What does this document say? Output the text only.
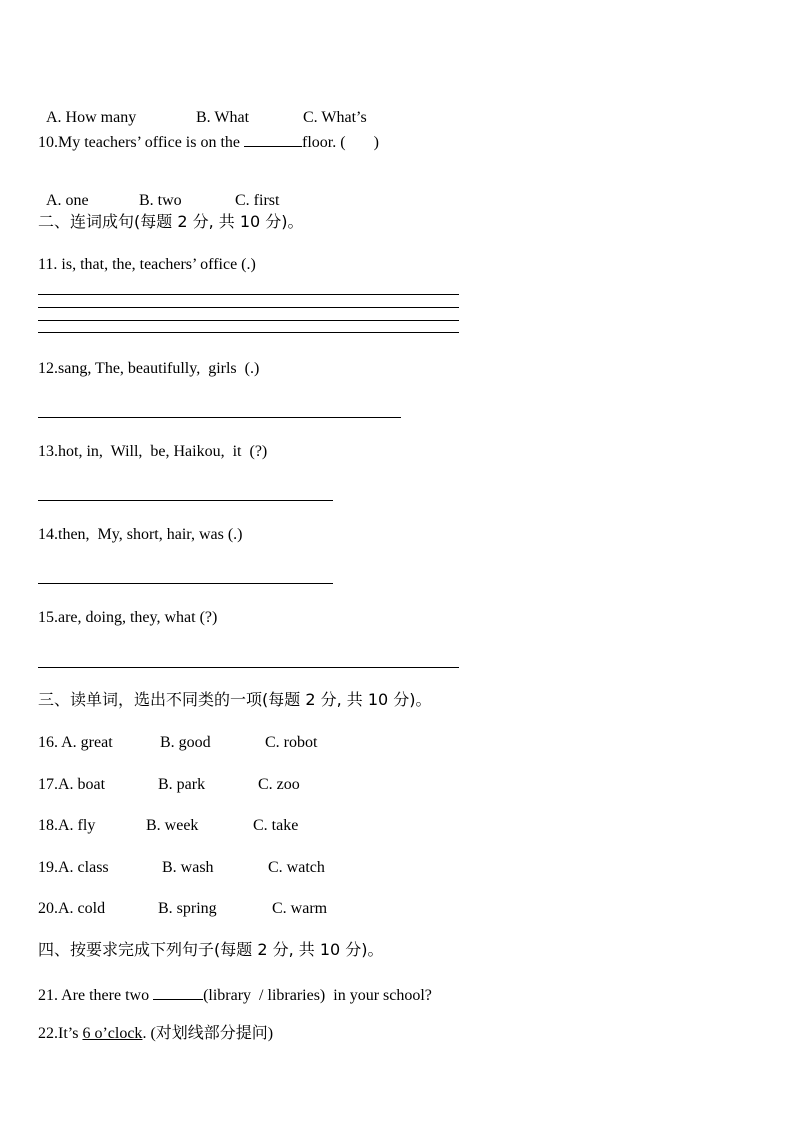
A. How many	B. What	C. What’s

10.My teachers’ office is on the	floor. ( )

A. one	B. two	C. first

二、连词成句(每题 2 分, 共 10 分)。
11. is, that, the, teachers’ office (.)
12.sang, The, beautifully,  girls  (.)
13.hot, in,  Will,  be, Haikou,  it  (?)
14.then,  My, short, hair, was (.)
15.are, doing, they, what (?)
三、读单词，选出不同类的一项(每题 2 分, 共 10 分)。
16. A. great	B. good	C. robot
17.A. boat	B. park	C. zoo
18.A. fly	B. week	C. take
19.A. class	B. wash	C. watch
20.A. cold	B. spring	C. warm
四、按要求完成下列句子(每题 2 分, 共 10 分)。
21. Are there two	(library  / libraries)  in your school?
22.It’s 6 o’clock. (对划线部分提问)
